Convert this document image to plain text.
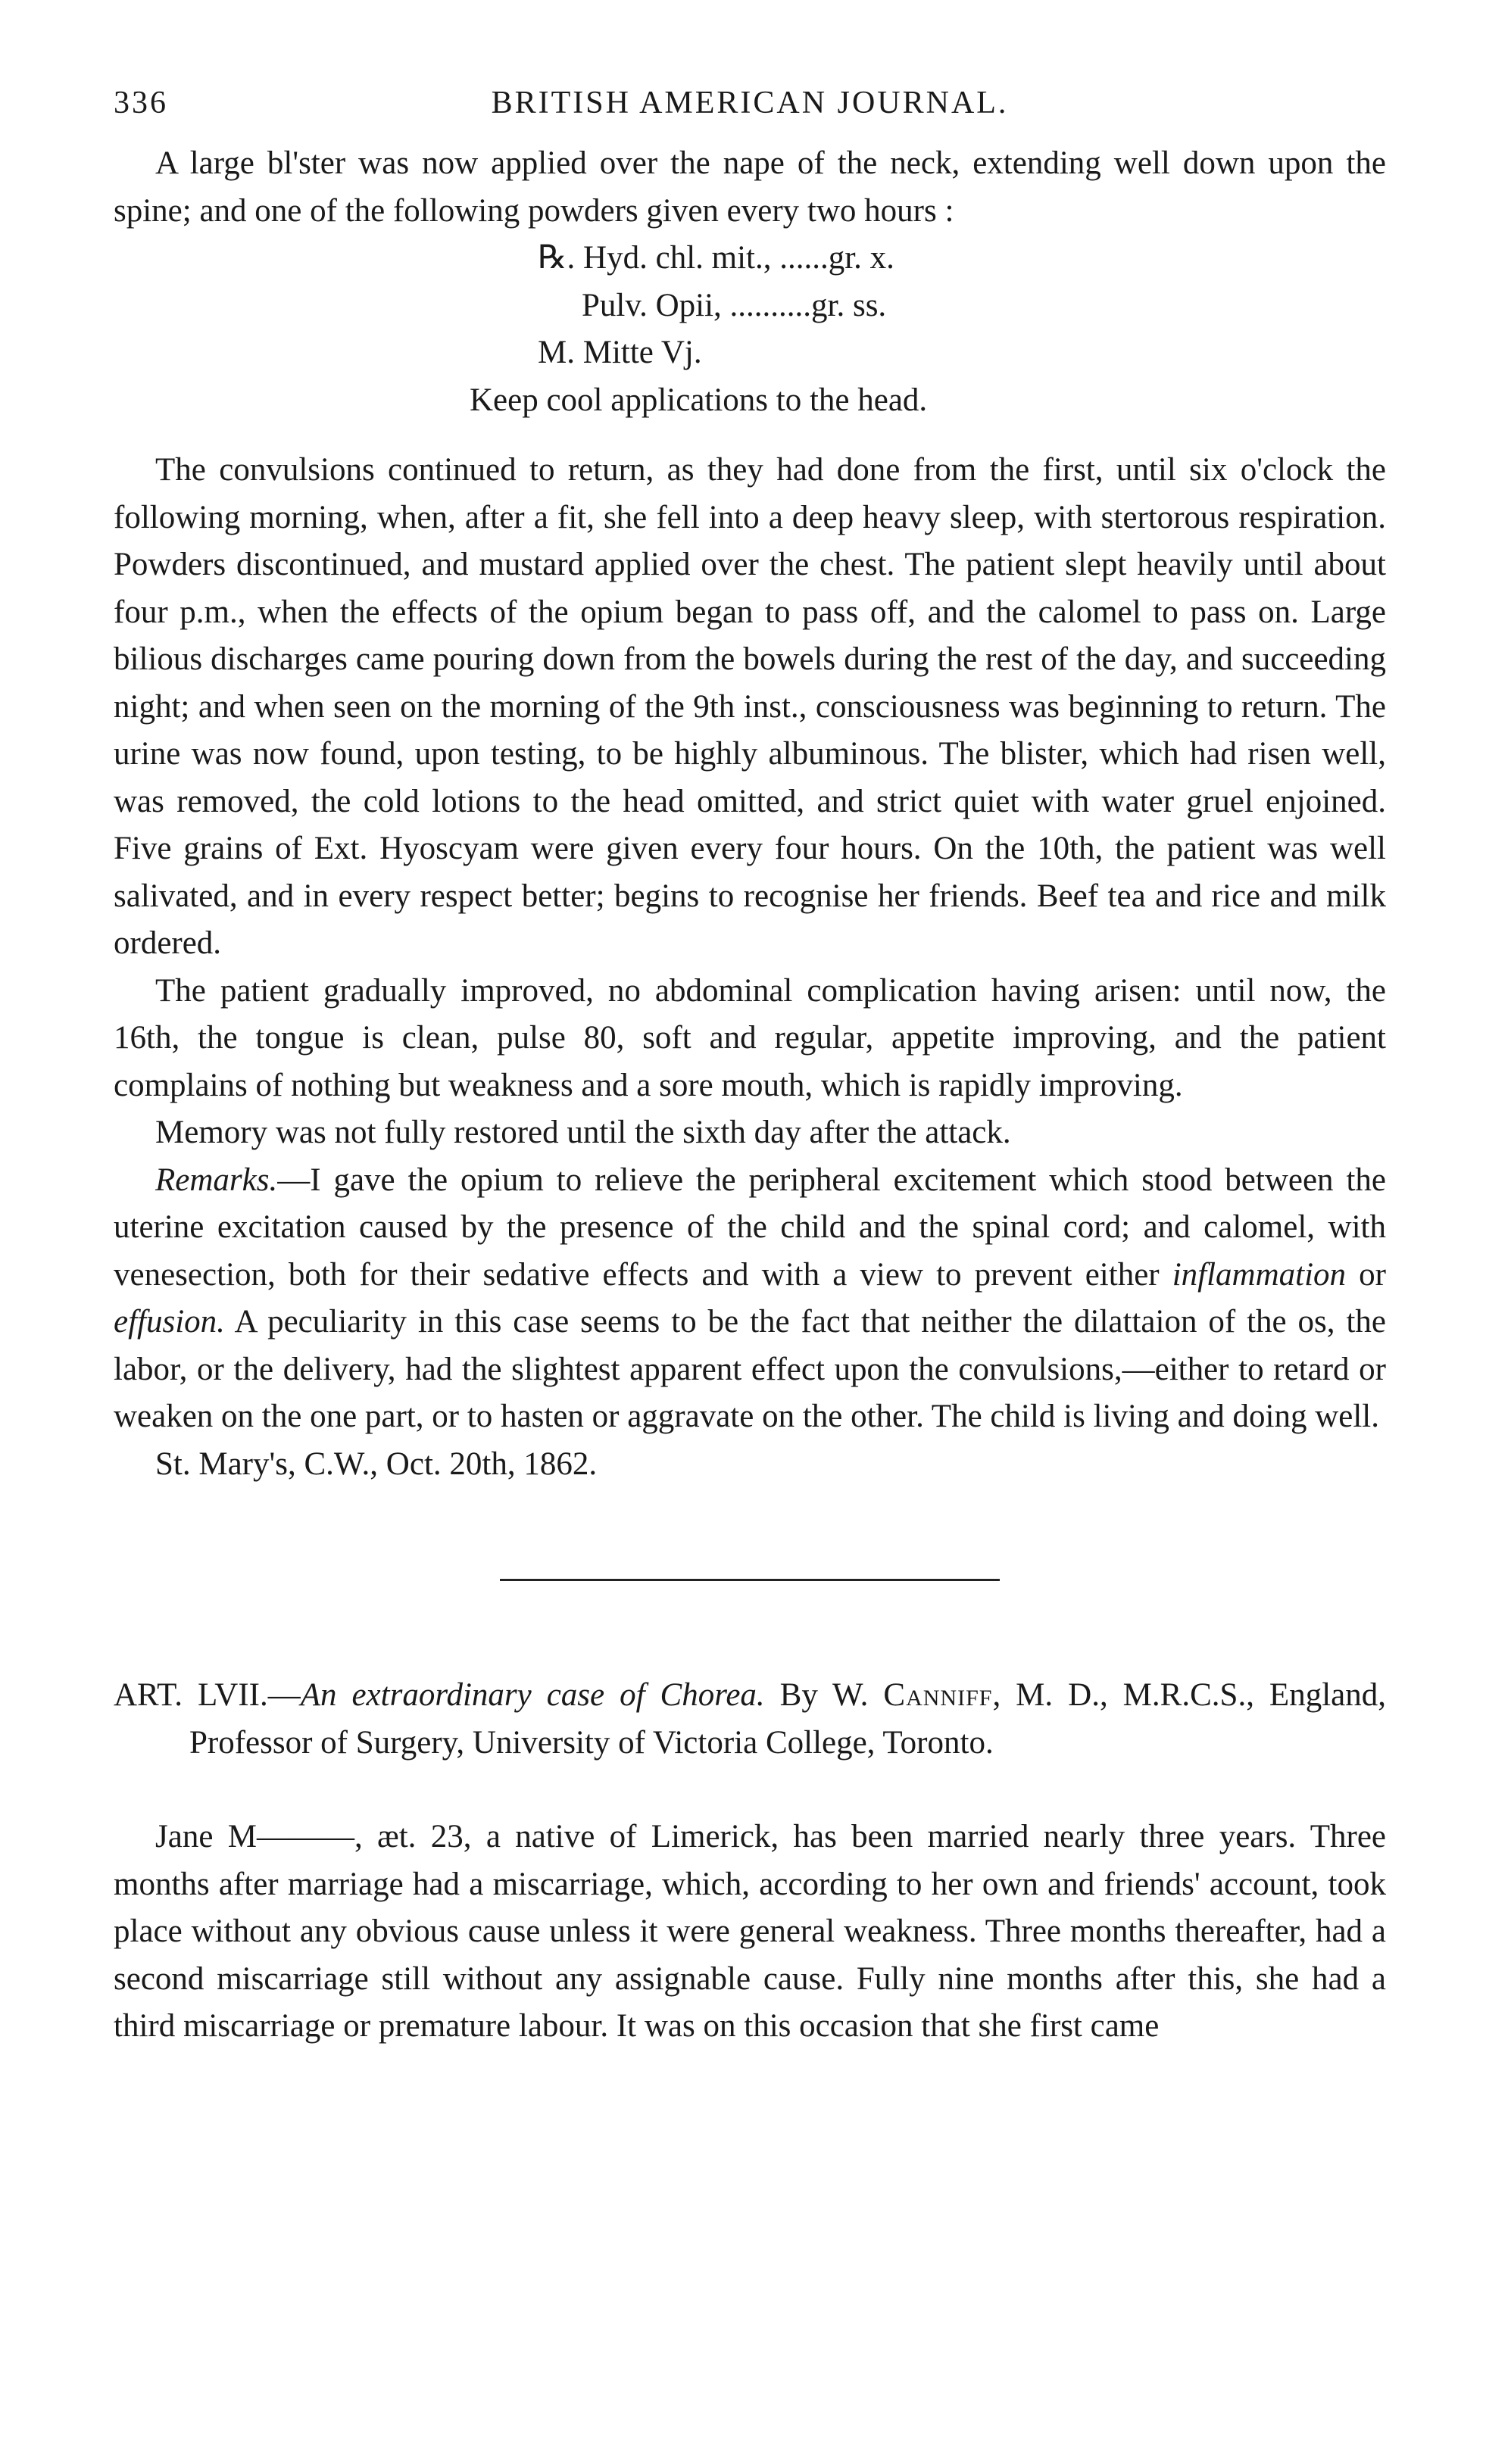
336	BRITISH AMERICAN JOURNAL.

A large bl'ster was now applied over the nape of the neck, extending well down upon the spine; and one of the following powders given every two hours :

℞. Hyd. chl. mit., ......gr. x.
Pulv. Opii, ..........gr. ss.
M. Mitte Vj.
Keep cool applications to the head.

The convulsions continued to return, as they had done from the first, until six o'clock the following morning, when, after a fit, she fell into a deep heavy sleep, with stertorous respiration. Powders discontinued, and mustard applied over the chest. The patient slept heavily until about four p.m., when the effects of the opium began to pass off, and the calomel to pass on. Large bilious discharges came pouring down from the bowels during the rest of the day, and succeeding night; and when seen on the morning of the 9th inst., consciousness was beginning to return. The urine was now found, upon testing, to be highly albuminous. The blister, which had risen well, was removed, the cold lotions to the head omitted, and strict quiet with water gruel enjoined. Five grains of Ext. Hyoscyam were given every four hours. On the 10th, the patient was well salivated, and in every respect better; begins to recognise her friends. Beef tea and rice and milk ordered.

The patient gradually improved, no abdominal complication having arisen: until now, the 16th, the tongue is clean, pulse 80, soft and regular, appetite improving, and the patient complains of nothing but weakness and a sore mouth, which is rapidly improving.

Memory was not fully restored until the sixth day after the attack.

Remarks.—I gave the opium to relieve the peripheral excitement which stood between the uterine excitation caused by the presence of the child and the spinal cord; and calomel, with venesection, both for their sedative effects and with a view to prevent either inflammation or effusion. A peculiarity in this case seems to be the fact that neither the dilattaion of the os, the labor, or the delivery, had the slightest apparent effect upon the convulsions,—either to retard or weaken on the one part, or to hasten or aggravate on the other. The child is living and doing well.

St. Mary's, C.W., Oct. 20th, 1862.

ART. LVII.—An extraordinary case of Chorea. By W. Canniff, M. D., M.R.C.S., England, Professor of Surgery, University of Victoria College, Toronto.

Jane M———, æt. 23, a native of Limerick, has been married nearly three years. Three months after marriage had a miscarriage, which, according to her own and friends' account, took place without any obvious cause unless it were general weakness. Three months thereafter, had a second miscarriage still without any assignable cause. Fully nine months after this, she had a third miscarriage or premature labour. It was on this occasion that she first came
